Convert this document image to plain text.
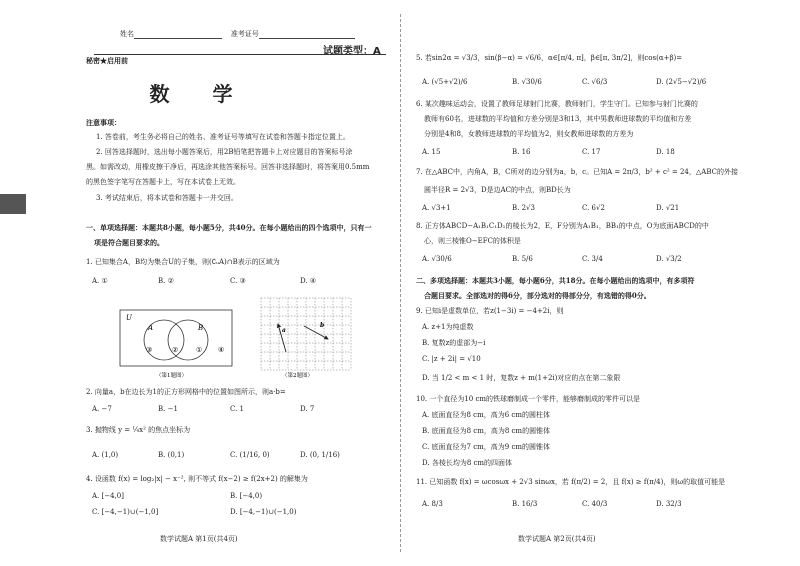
姓名	准考证号
试题类型：A
秘密★启用前
数 学
注意事项：
1. 答卷前，考生务必将自己的姓名、准考证号等填写在试卷和答题卡指定位置上。
2. 回答选择题时，选出每小题答案后，用2B铅笔把答题卡上对应题目的答案标号涂
黑。如需改动，用橡皮擦干净后，再选涂其他答案标号。回答非选择题时，将答案用0.5mm
的黑色签字笔写在答题卡上，写在本试卷上无效。
3. 考试结束后，将本试卷和答题卡一并交回。
一、单项选择题：本题共8小题，每小题5分，共40分。在每小题给出的四个选项中，只有一
项是符合题目要求的。
1. 已知集合A，B均为集合U的子集，则(∁ᵤA)∩B表示的区域为
A. ①	B. ②	C. ③	D. ④
U
A	B
③	②	① ④
（第1题图）
a
b
（第2题图）
2. 向量a，b在边长为1的正方形网格中的位置如图所示，则a·b=
A. −7	B. −1	C. 1	D. 7
3. 抛物线 y = ¼x² 的焦点坐标为
A. (1,0)	B. (0,1)	C. (1/16, 0)	D. (0, 1/16)
4. 设函数 f(x) = log₂|x| − x⁻², 则不等式 f(x−2) ≥ f(2x+2) 的解集为
A. [−4,0]	B. [−4,0)
C. [−4,−1)∪(−1,0]	D. [−4,−1)∪(−1,0)
数学试题A 第1页(共4页)
5. 若sin2α = √3/3，sin(β−α) = √6/6，α∈[π/4, π]，β∈[π, 3π/2]，则cos(α+β)=
A. (√5+√2)/6	B. √30/6	C. √6/3	D. (2√5−√2)/6
6. 某次趣味运动会，设置了教师足球射门比赛，教师射门，学生守门。已知参与射门比赛的
教师有60名，进球数的平均值和方差分别是3和13，其中男教师进球数的平均值和方差
分别是4和8，女教师进球数的平均值为2，则女教师进球数的方差为
A. 15	B. 16	C. 17	D. 18
7. 在△ABC中，内角A，B，C所对的边分别为a，b，c。已知A = 2π/3，b² + c² = 24，△ABC的外接
圆半径R = 2√3，D是边AC的中点，则BD长为
A. √3+1	B. 2√3	C. 6√2	D. √21
8. 正方体ABCD−A₁B₁C₁D₁的棱长为2，E，F分别为A₁B₁，BB₁的中点，O为底面ABCD的中
心，则三棱锥O−EFC的体积是
A. √30/6	B. 5/6	C. 3/4	D. √3/2
二、多项选择题：本题共3小题，每小题6分，共18分。在每小题给出的选项中，有多项符
合题目要求。全部选对的得6分，部分选对的得部分分，有选错的得0分。
9. 已知i是虚数单位，若z(1−3i) = −4+2i，则
A. z+1为纯虚数
B. 复数z的虚部为−i
C. |z + 2i| = √10
D. 当 1/2 < m < 1 时，复数z + m(1+2i)对应的点在第二象限
10. 一个直径为10 cm的铁球磨制成一个零件，能够磨制成的零件可以是
A. 底面直径为8 cm，高为6 cm的圆柱体
B. 底面直径为8 cm，高为8 cm的圆锥体
C. 底面直径为7 cm，高为9 cm的圆锥体
D. 各棱长均为8 cm的四面体
11. 已知函数 f(x) = ωcosωx + 2√3 sinωx，若 f(π/2) = 2，且 f(x) ≥ f(π/4)，则ω的取值可能是
A. 8/3	B. 16/3	C. 40/3	D. 32/3
数学试题A 第2页(共4页)
